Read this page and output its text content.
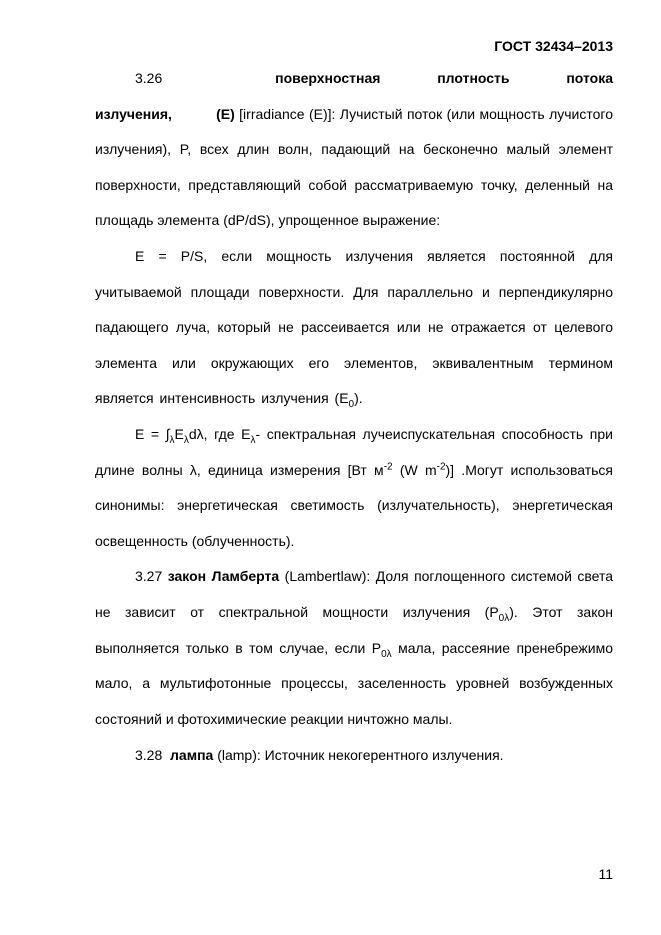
ГОСТ 32434–2013

3.26	поверхностная плотность потока излучения,	(E) [irradiance (E)]: Лучистый поток (или мощность лучистого излучения), P, всех длин волн, падающий на бесконечно малый элемент поверхности, представляющий собой рассматриваемую точку, деленный на площадь элемента (dP/dS), упрощенное выражение:

E = P/S, если мощность излучения является постоянной для учитываемой площади поверхности. Для параллельно и перпендикулярно падающего луча, который не рассеивается или не отражается от целевого элемента или окружающих его элементов, эквивалентным термином является интенсивность излучения $(E_0)$.

$E = \int_\lambda E_\lambda d\lambda$, где $E_\lambda-$ спектральная лучеиспускательная способность при длине волны λ, единица измерения [Вт $м^{-2}$ (W $m^{-2}$)] .Могут использоваться синонимы: энергетическая светимость (излучательность), энергетическая освещенность (облученность).

3.27 закон Ламберта (Lambertlaw): Доля поглощенного системой света не зависит от спектральной мощности излучения $(P_{0\lambda})$. Этот закон выполняется только в том случае, если $P_{0\lambda}$ мала, рассеяние пренебрежимо мало, а мультифотонные процессы, заселенность уровней возбужденных состояний и фотохимические реакции ничтожно малы.

3.28 лампа (lamp): Источник некогерентного излучения.

11
